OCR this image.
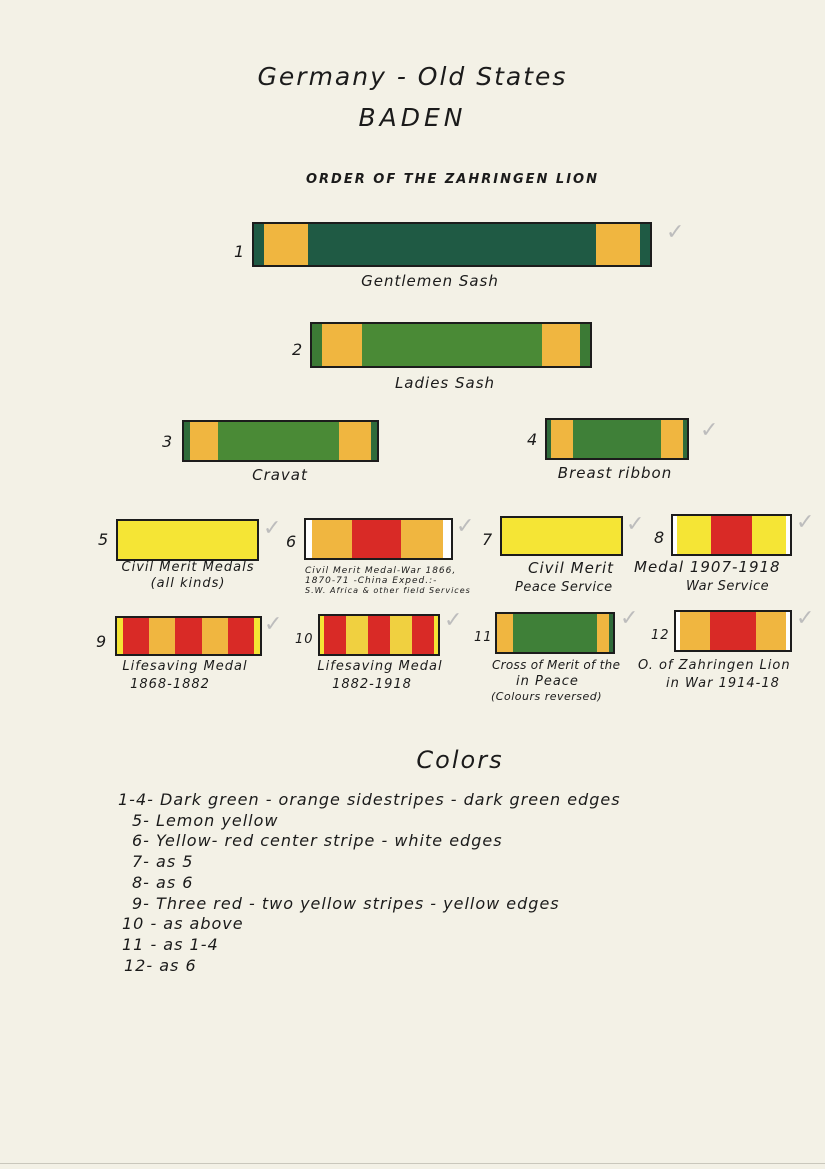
Germany - Old States
BADEN
ORDER OF THE ZAHRINGEN LION
1
✓
Gentlemen Sash
2
Ladies Sash
3
Cravat
4	✓
Breast ribbon
5	✓
Civil Merit Medals
(all kinds)
6
✓
Civil Merit Medal-War 1866,
1870-71 -China Exped.:-
S.W. Africa & other field Services
7
✓
Civil Merit
Peace Service
8
✓
Medal 1907-1918
War Service
9
✓
Lifesaving Medal
1868-1882
10
✓
Lifesaving Medal
1882-1918
11
✓
Cross of Merit of the
in Peace
(Colours reversed)
12
✓
O. of Zahringen Lion
in War 1914-18
Colors
1-4- Dark green - orange sidestripes - dark green edges
5- Lemon yellow
6- Yellow- red center stripe - white edges
7- as 5
8- as 6
9- Three red - two yellow stripes - yellow edges
10 - as above
11 - as 1-4
12- as 6
